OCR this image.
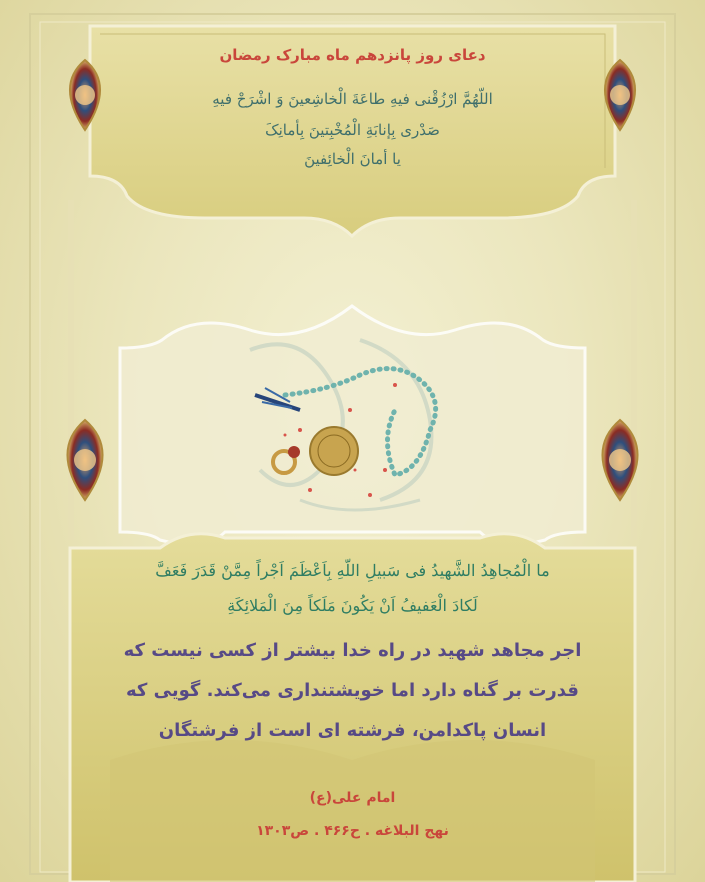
دعای روز پانزدهم ماه مبارک رمضان

اللّهُمَّ ارْزُقْنی فیهِ طاعَةَ الْخاشِعینَ وَ اشْرَحْ فیهِ

صَدْری بِإنابَةِ الْمُخْبِتینَ بِأمانِکَ

یا أمانَ الْخائِفینَ

ما الْمُجاهِدُ الشَّهیدُ فی سَبیلِ اللّهِ بِاَعْظَمَ اَجْراً مِمَّنْ قَدَرَ فَعَفَّ

لَکادَ الْعَفیفُ اَنْ یَکُونَ مَلَکاً مِنَ الْمَلائِکَةِ

اجر مجاهد شهید در راه خدا بیشتر از کسی نیست که

قدرت بر گناه دارد اما خویشتنداری می‌کند. گویی که

انسان پاکدامن، فرشته ای است از فرشتگان

امام علی(ع)

نهج البلاغه . ح۴۶۶ . ص۱۳۰۳
